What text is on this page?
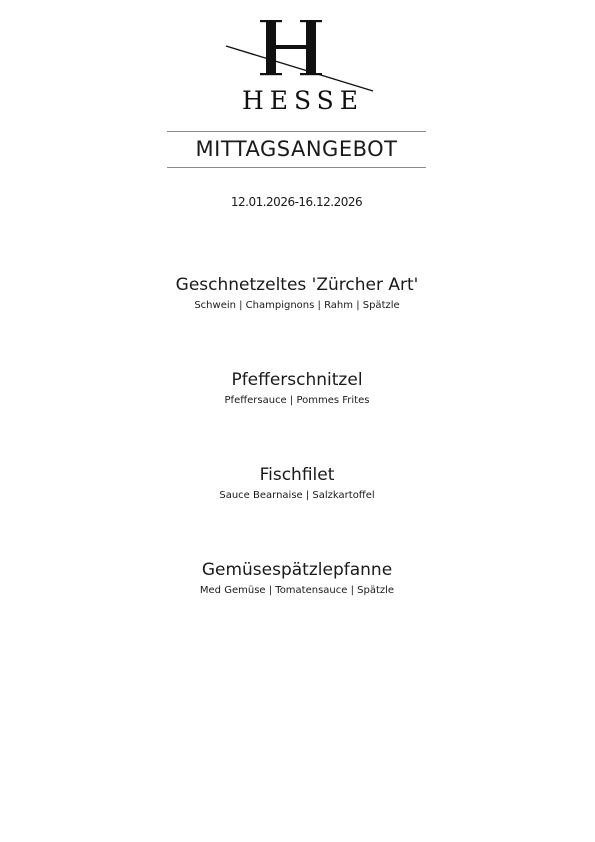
HESSE
MITTAGSANGEBOT
12.01.2026-16.12.2026
Geschnetzeltes 'Zürcher Art'
Schwein | Champignons | Rahm | Spätzle
Pfefferschnitzel
Pfeffersauce | Pommes Frites
Fischfilet
Sauce Bearnaise | Salzkartoffel
Gemüsespätzlepfanne
Med Gemüse | Tomatensauce | Spätzle
